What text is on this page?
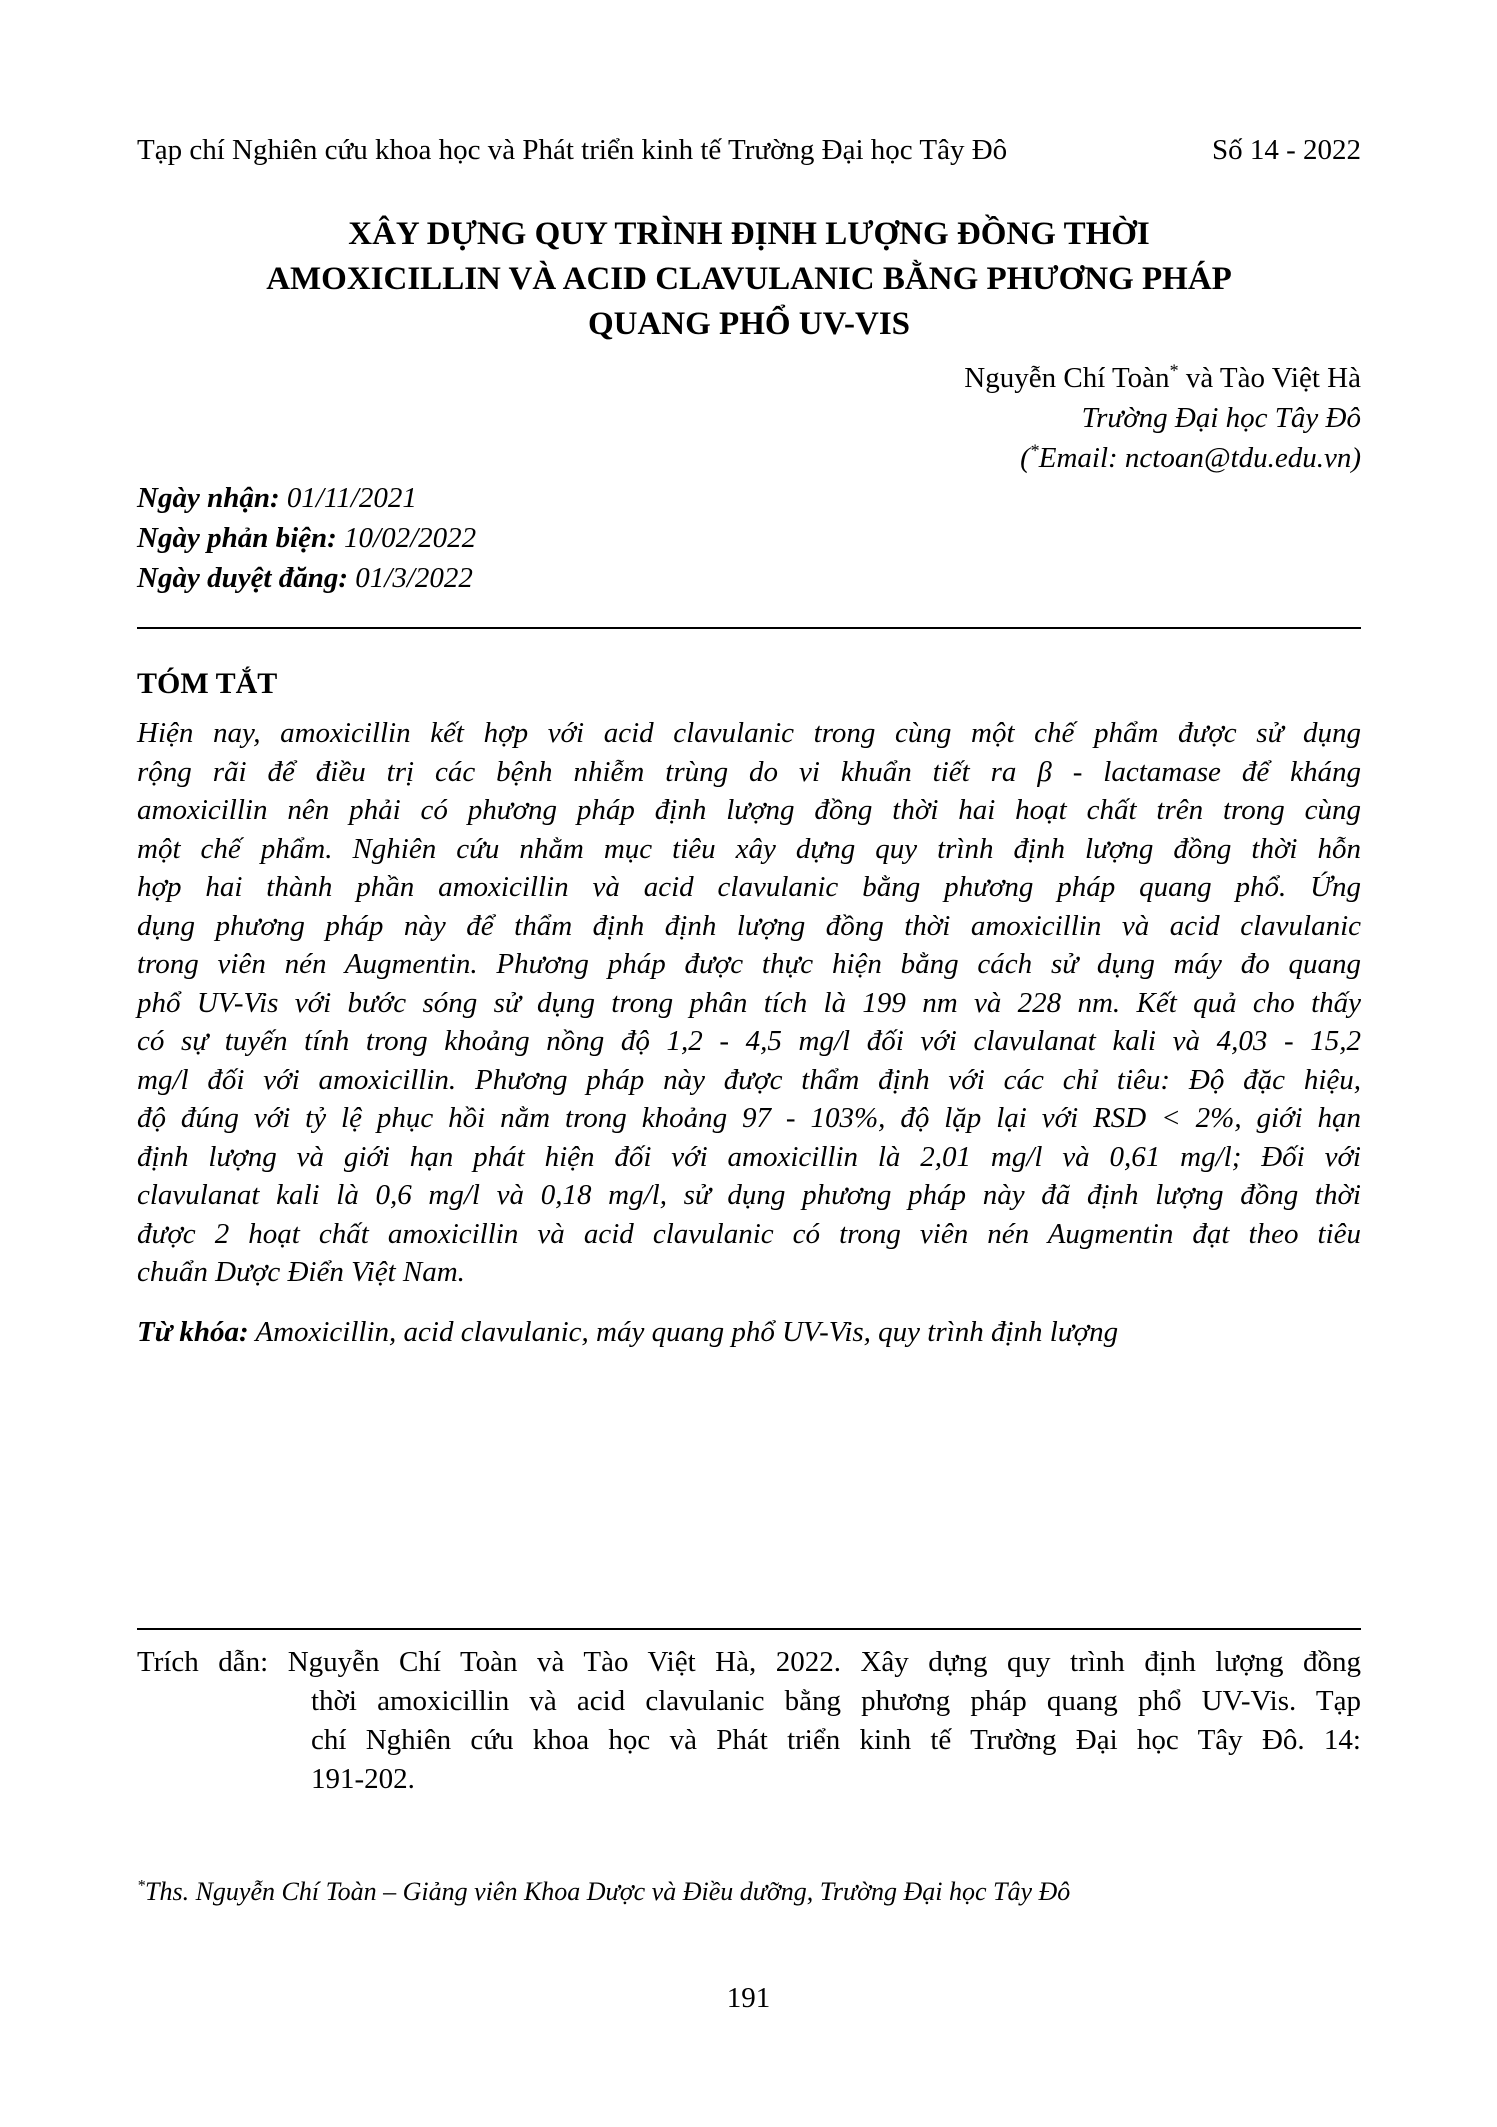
Tạp chí Nghiên cứu khoa học và Phát triển kinh tế Trường Đại học Tây Đô	Số 14 - 2022
XÂY DỰNG QUY TRÌNH ĐỊNH LƯỢNG ĐỒNG THỜI
AMOXICILLIN VÀ ACID CLAVULANIC BẰNG PHƯƠNG PHÁP
QUANG PHỔ UV-VIS
Nguyễn Chí Toàn* và Tào Việt Hà
Trường Đại học Tây Đô
(*Email: nctoan@tdu.edu.vn)
Ngày nhận: 01/11/2021
Ngày phản biện: 10/02/2022
Ngày duyệt đăng: 01/3/2022
TÓM TẮT
Hiện nay, amoxicillin kết hợp với acid clavulanic trong cùng một chế phẩm được sử dụng
rộng rãi để điều trị các bệnh nhiễm trùng do vi khuẩn tiết ra β - lactamase để kháng
amoxicillin nên phải có phương pháp định lượng đồng thời hai hoạt chất trên trong cùng
một chế phẩm. Nghiên cứu nhằm mục tiêu xây dựng quy trình định lượng đồng thời hỗn
hợp hai thành phần amoxicillin và acid clavulanic bằng phương pháp quang phổ. Ứng
dụng phương pháp này để thẩm định định lượng đồng thời amoxicillin và acid clavulanic
trong viên nén Augmentin. Phương pháp được thực hiện bằng cách sử dụng máy đo quang
phổ UV-Vis với bước sóng sử dụng trong phân tích là 199 nm và 228 nm. Kết quả cho thấy
có sự tuyến tính trong khoảng nồng độ 1,2 - 4,5 mg/l đối với clavulanat kali và 4,03 - 15,2
mg/l đối với amoxicillin. Phương pháp này được thẩm định với các chỉ tiêu: Độ đặc hiệu,
độ đúng với tỷ lệ phục hồi nằm trong khoảng 97 - 103%, độ lặp lại với RSD < 2%, giới hạn
định lượng và giới hạn phát hiện đối với amoxicillin là 2,01 mg/l và 0,61 mg/l; Đối với
clavulanat kali là 0,6 mg/l và 0,18 mg/l, sử dụng phương pháp này đã định lượng đồng thời
được 2 hoạt chất amoxicillin và acid clavulanic có trong viên nén Augmentin đạt theo tiêu
chuẩn Dược Điển Việt Nam.
Từ khóa: Amoxicillin, acid clavulanic, máy quang phổ UV-Vis, quy trình định lượng
Trích dẫn: Nguyễn Chí Toàn và Tào Việt Hà, 2022. Xây dựng quy trình định lượng đồng
thời amoxicillin và acid clavulanic bằng phương pháp quang phổ UV-Vis. Tạp
chí Nghiên cứu khoa học và Phát triển kinh tế Trường Đại học Tây Đô. 14:
191-202.
*Ths. Nguyễn Chí Toàn – Giảng viên Khoa Dược và Điều dưỡng, Trường Đại học Tây Đô
191
